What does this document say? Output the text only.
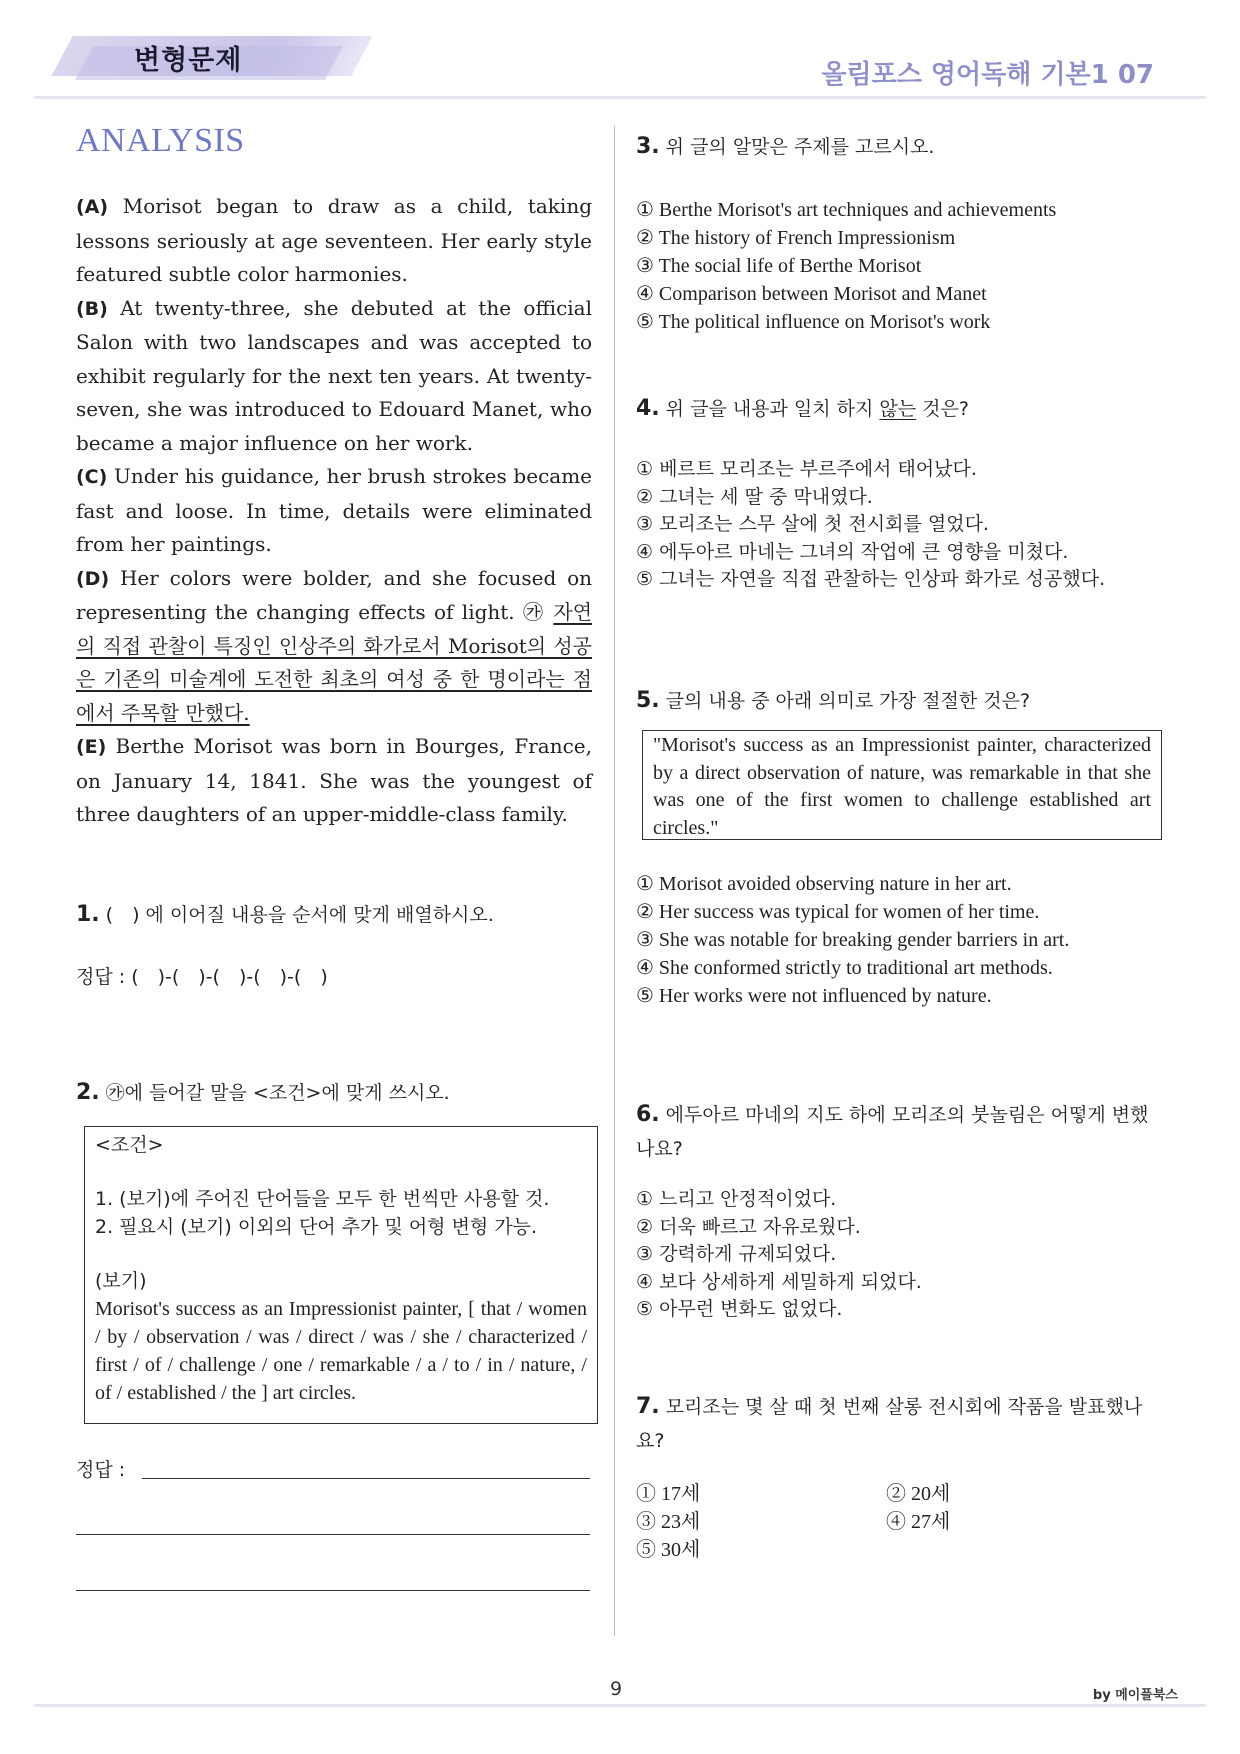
변형문제	올림포스 영어독해 기본1 07
ANALYSIS

(A) Morisot began to draw as a child, taking lessons seriously at age seventeen. Her early style featured subtle color harmonies.

(B) At twenty-three, she debuted at the official Salon with two landscapes and was accepted to exhibit regularly for the next ten years. At twenty-seven, she was introduced to Edouard Manet, who became a major influence on her work.

(C) Under his guidance, her brush strokes became fast and loose. In time, details were eliminated from her paintings.

(D) Her colors were bolder, and she focused on representing the changing effects of light. ㉮ 자연의 직접 관찰이 특징인 인상주의 화가로서 Morisot의 성공은 기존의 미술계에 도전한 최초의 여성 중 한 명이라는 점에서 주목할 만했다.

(E) Berthe Morisot was born in Bourges, France, on January 14, 1841. She was the youngest of three daughters of an upper-middle-class family.

1. (　) 에 이어질 내용을 순서에 맞게 배열하시오.
정답 : (　)-(　)-(　)-(　)-(　)
2. ㉮에 들어갈 말을 <조건>에 맞게 쓰시오.
<조건>
1. (보기)에 주어진 단어들을 모두 한 번씩만 사용할 것.
2. 필요시 (보기) 이외의 단어 추가 및 어형 변형 가능.
(보기)
Morisot's success as an Impressionist painter, [ that / women / by / observation / was / direct / was / she / characterized / first / of / challenge / one / remarkable / a / to / in / nature, / of / established / the ] art circles.
정답 :
3. 위 글의 알맞은 주제를 고르시오.

① Berthe Morisot's art techniques and achievements

② The history of French Impressionism

③ The social life of Berthe Morisot

④ Comparison between Morisot and Manet

⑤ The political influence on Morisot's work

4. 위 글을 내용과 일치 하지 않는 것은?
① 베르트 모리조는 부르주에서 태어났다.
② 그녀는 세 딸 중 막내였다.
③ 모리조는 스무 살에 첫 전시회를 열었다.
④ 에두아르 마네는 그녀의 작업에 큰 영향을 미쳤다.
⑤ 그녀는 자연을 직접 관찰하는 인상파 화가로 성공했다.
5. 글의 내용 중 아래 의미로 가장 절절한 것은?
"Morisot's success as an Impressionist painter, characterized by a direct observation of nature, was remarkable in that she was one of the first women to challenge established art circles."

① Morisot avoided observing nature in her art.

② Her success was typical for women of her time.

③ She was notable for breaking gender barriers in art.

④ She conformed strictly to traditional art methods.

⑤ Her works were not influenced by nature.

6. 에두아르 마네의 지도 하에 모리조의 붓놀림은 어떻게 변했나요?
① 느리고 안정적이었다.
② 더욱 빠르고 자유로웠다.
③ 강력하게 규제되었다.
④ 보다 상세하게 세밀하게 되었다.
⑤ 아무런 변화도 없었다.
7. 모리조는 몇 살 때 첫 번째 살롱 전시회에 작품을 발표했나요?
① 17세	② 20세
③ 23세	④ 27세
⑤ 30세
9	by 메이플북스
